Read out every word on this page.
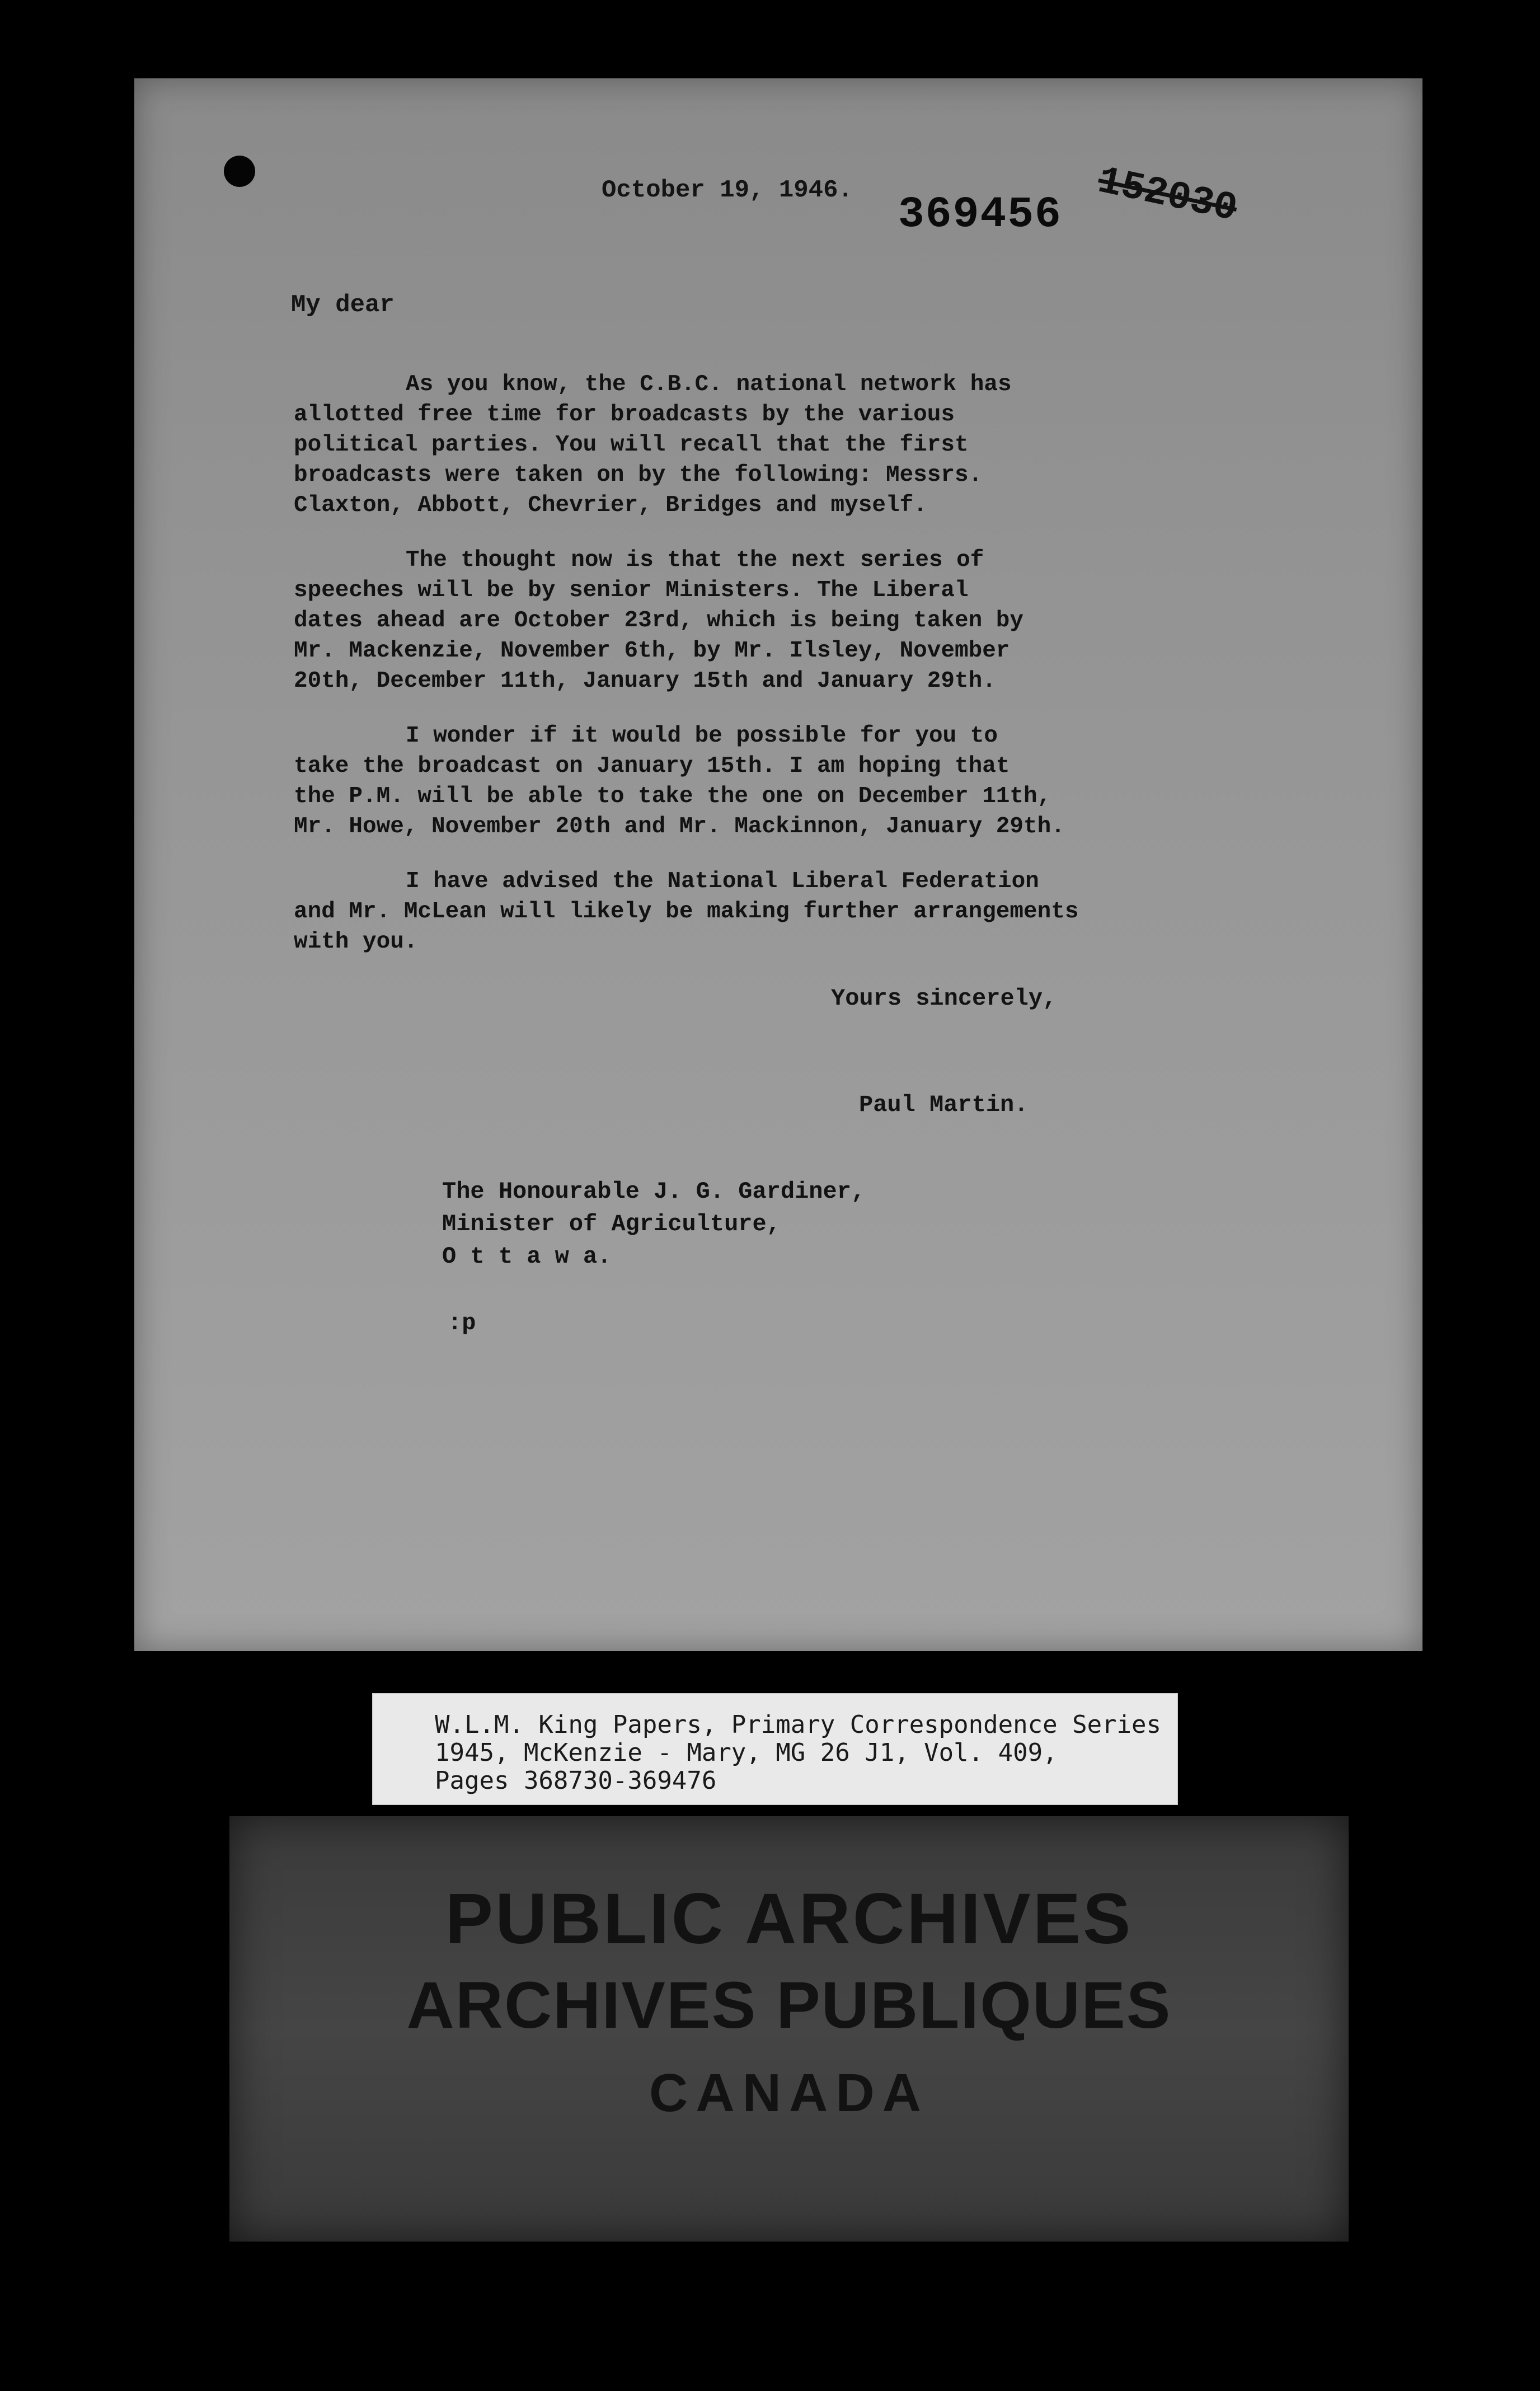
152030
369456
October 19, 1946.
My dear
As you know, the C.B.C. national network has
allotted free time for broadcasts by the various
political parties. You will recall that the first
broadcasts were taken on by the following: Messrs.
Claxton, Abbott, Chevrier, Bridges and myself.
The thought now is that the next series of
speeches will be by senior Ministers. The Liberal
dates ahead are October 23rd, which is being taken by
Mr. Mackenzie, November 6th, by Mr. Ilsley, November
20th, December 11th, January 15th and January 29th.
I wonder if it would be possible for you to
take the broadcast on January 15th. I am hoping that
the P.M. will be able to take the one on December 11th,
Mr. Howe, November 20th and Mr. Mackinnon, January 29th.
I have advised the National Liberal Federation
and Mr. McLean will likely be making further arrangements
with you.
Yours sincerely,
Paul Martin.
The Honourable J. G. Gardiner,
Minister of Agriculture,
O t t a w a.
:p
W.L.M. King Papers, Primary Correspondence Series
1945, McKenzie - Mary, MG 26 J1, Vol. 409,
Pages 368730-369476
PUBLIC ARCHIVES
ARCHIVES PUBLIQUES
CANADA
